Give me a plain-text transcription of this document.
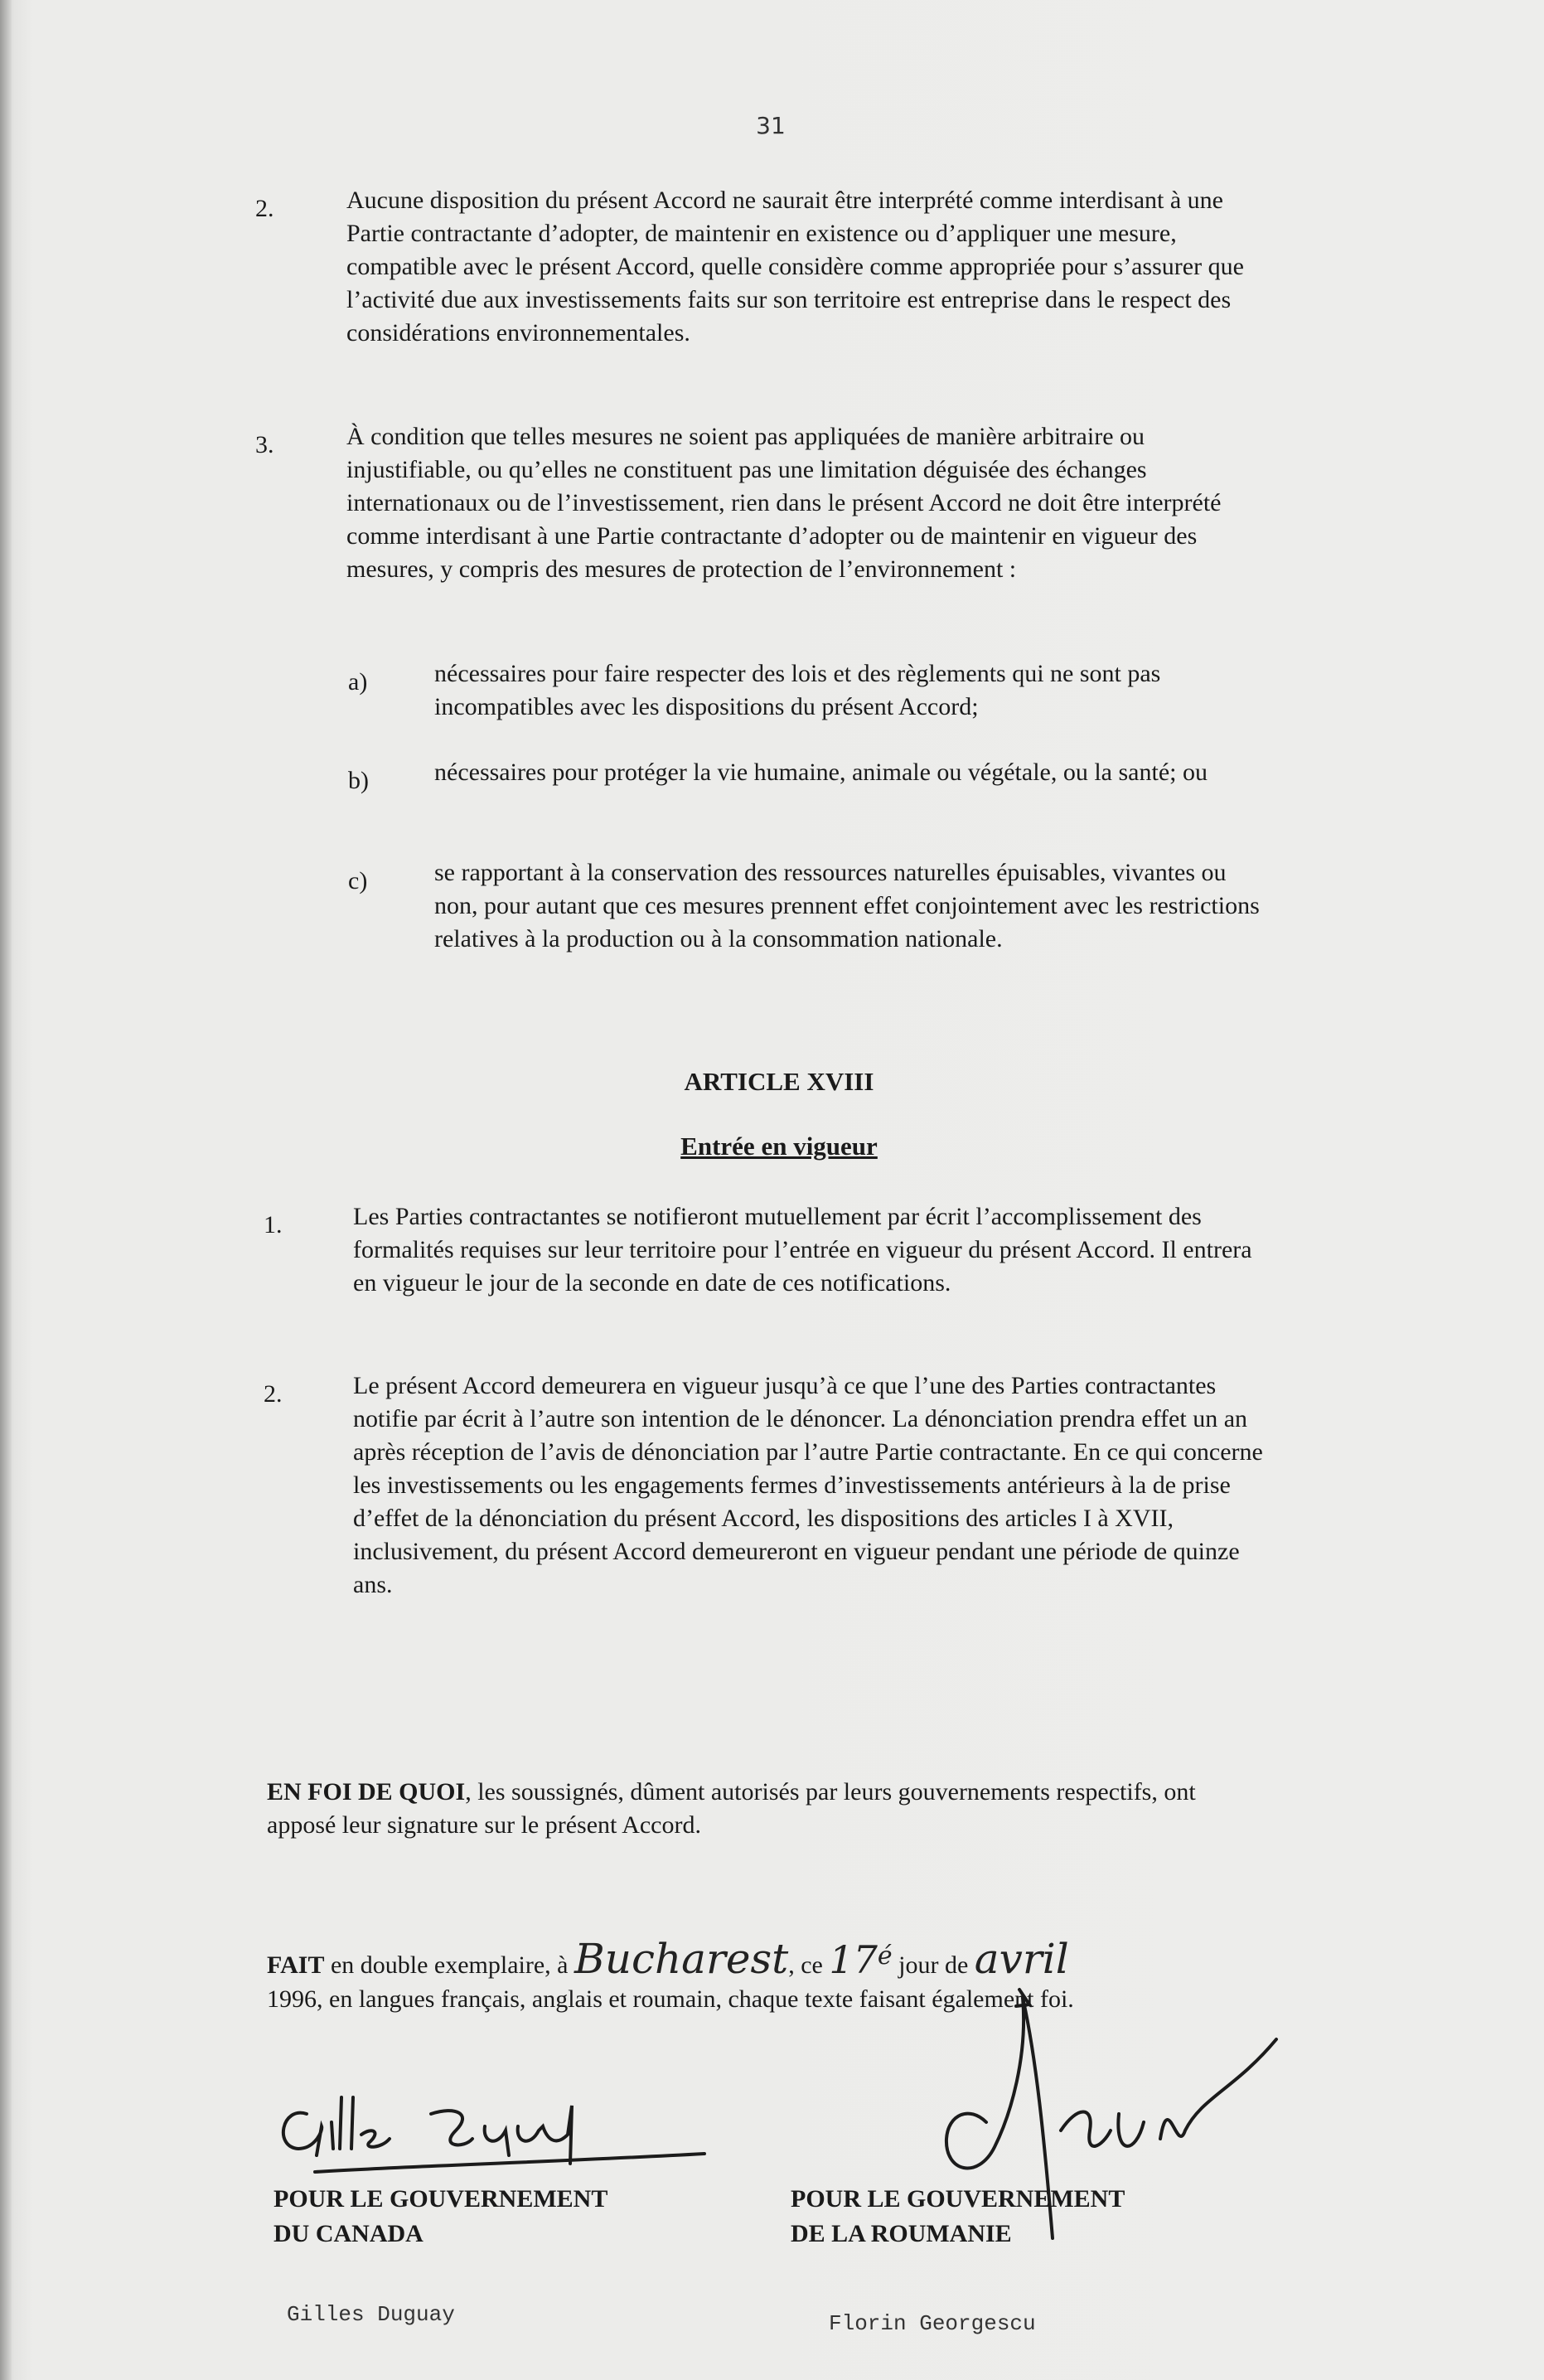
31
2.	Aucune disposition du présent Accord ne saurait être interprété comme interdisant à une Partie contractante d’adopter, de maintenir en existence ou d’appliquer une mesure, compatible avec le présent Accord, quelle considère comme appropriée pour s’assurer que l’activité due aux investissements faits sur son territoire est entreprise dans le respect des considérations environnementales.
3.	À condition que telles mesures ne soient pas appliquées de manière arbitraire ou injustifiable, ou qu’elles ne constituent pas une limitation déguisée des échanges internationaux ou de l’investissement, rien dans le présent Accord ne doit être interprété comme interdisant à une Partie contractante d’adopter ou de maintenir en vigueur des mesures, y compris des mesures de protection de l’environnement :
a)	nécessaires pour faire respecter des lois et des règlements qui ne sont pas incompatibles avec les dispositions du présent Accord;
b)	nécessaires pour protéger la vie humaine, animale ou végétale, ou la santé; ou
c)	se rapportant à la conservation des ressources naturelles épuisables, vivantes ou non, pour autant que ces mesures prennent effet conjointement avec les restrictions relatives à la production ou à la consommation nationale.
ARTICLE XVIII
Entrée en vigueur
1.	Les Parties contractantes se notifieront mutuellement par écrit l’accomplissement des formalités requises sur leur territoire pour l’entrée en vigueur du présent Accord. Il entrera en vigueur le jour de la seconde en date de ces notifications.
2.	Le présent Accord demeurera en vigueur jusqu’à ce que l’une des Parties contractantes notifie par écrit à l’autre son intention de le dénoncer. La dénonciation prendra effet un an après réception de l’avis de dénonciation par l’autre Partie contractante. En ce qui concerne les investissements ou les engagements fermes d’investissements antérieurs à la de prise d’effet de la dénonciation du présent Accord, les dispositions des articles I à XVII, inclusivement, du présent Accord demeureront en vigueur pendant une période de quinze ans.
EN FOI DE QUOI, les soussignés, dûment autorisés par leurs gouvernements respectifs, ont apposé leur signature sur le présent Accord.
FAIT en double exemplaire, à Bucharest, ce $17^é$ jour de avril
1996, en langues français, anglais et roumain, chaque texte faisant également foi.
POUR LE GOUVERNEMENT
DU CANADA
POUR LE GOUVERNEMENT
DE LA ROUMANIE
Gilles Duguay	Florin Georgescu
